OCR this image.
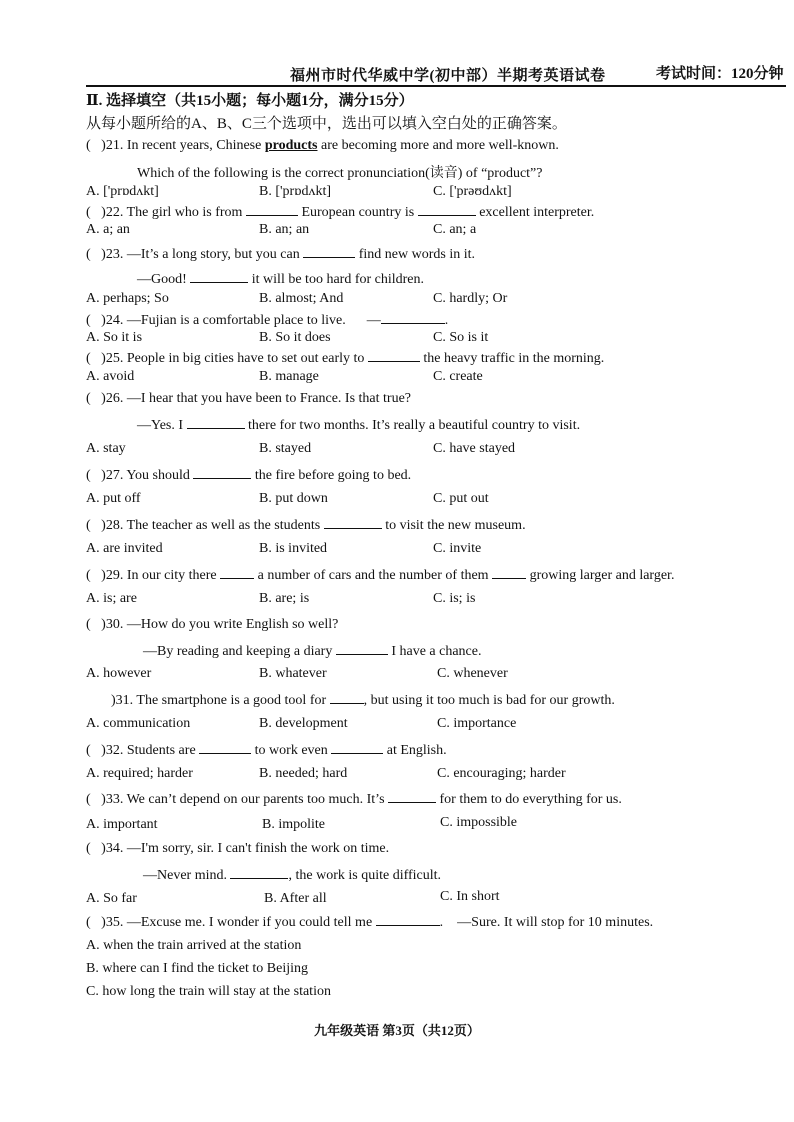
福州市时代华威中学(初中部）半期考英语试卷	考试时间：120分钟
Ⅱ. 选择填空（共15小题；每小题1分，满分15分）
从每小题所给的A、B、C三个选项中，选出可以填入空白处的正确答案。
( )21. In recent years, Chinese products are becoming more and more well-known.
Which of the following is the correct pronunciation(读音) of “product”?
A. ['prɒdʌkt]	B. ['prɒdʌkt]	C. ['prəʊdʌkt]
( )22. The girl who is from	European country is	excellent interpreter.
A. a; an	B. an; an	C. an; a
( )23. —It’s a long story, but you can	find new words in it.
—Good!	it will be too hard for children.
A. perhaps; So	B. almost; And	C. hardly; Or
( )24. —Fujian is a comfortable place to live. —	.
A. So it is	B. So it does	C. So is it
( )25. People in big cities have to set out early to	the heavy traffic in the morning.
A. avoid	B. manage	C. create
( )26. —I hear that you have been to France. Is that true?
—Yes. I	there for two months. It’s really a beautiful country to visit.
A. stay	B. stayed	C. have stayed
( )27. You should	the fire before going to bed.
A. put off	B. put down	C. put out
( )28. The teacher as well as the students	to visit the new museum.
A. are invited	B. is invited	C. invite
( )29. In our city there	a number of cars and the number of them	growing larger and larger.
A. is; are	B. are; is	C. is; is
( )30. —How do you write English so well?
—By reading and keeping a diary	I have a chance.
A. however	B. whatever	C. whenever
)31. The smartphone is a good tool for	, but using it too much is bad for our growth.
A. communication	B. development	C. importance
( )32. Students are	to work even	at English.
A. required; harder	B. needed; hard	C. encouraging; harder
( )33. We can’t depend on our parents too much. It’s	for them to do everything for us.
A. important	B. impolite	C. impossible
( )34. —I'm sorry, sir. I can't finish the work on time.
—Never mind.	, the work is quite difficult.
A. So far	B. After all	C. In short
( )35. —Excuse me. I wonder if you could tell me	. —Sure. It will stop for 10 minutes.
A. when the train arrived at the station
B. where can I find the ticket to Beijing
C. how long the train will stay at the station
九年级英语 第3页（共12页）
